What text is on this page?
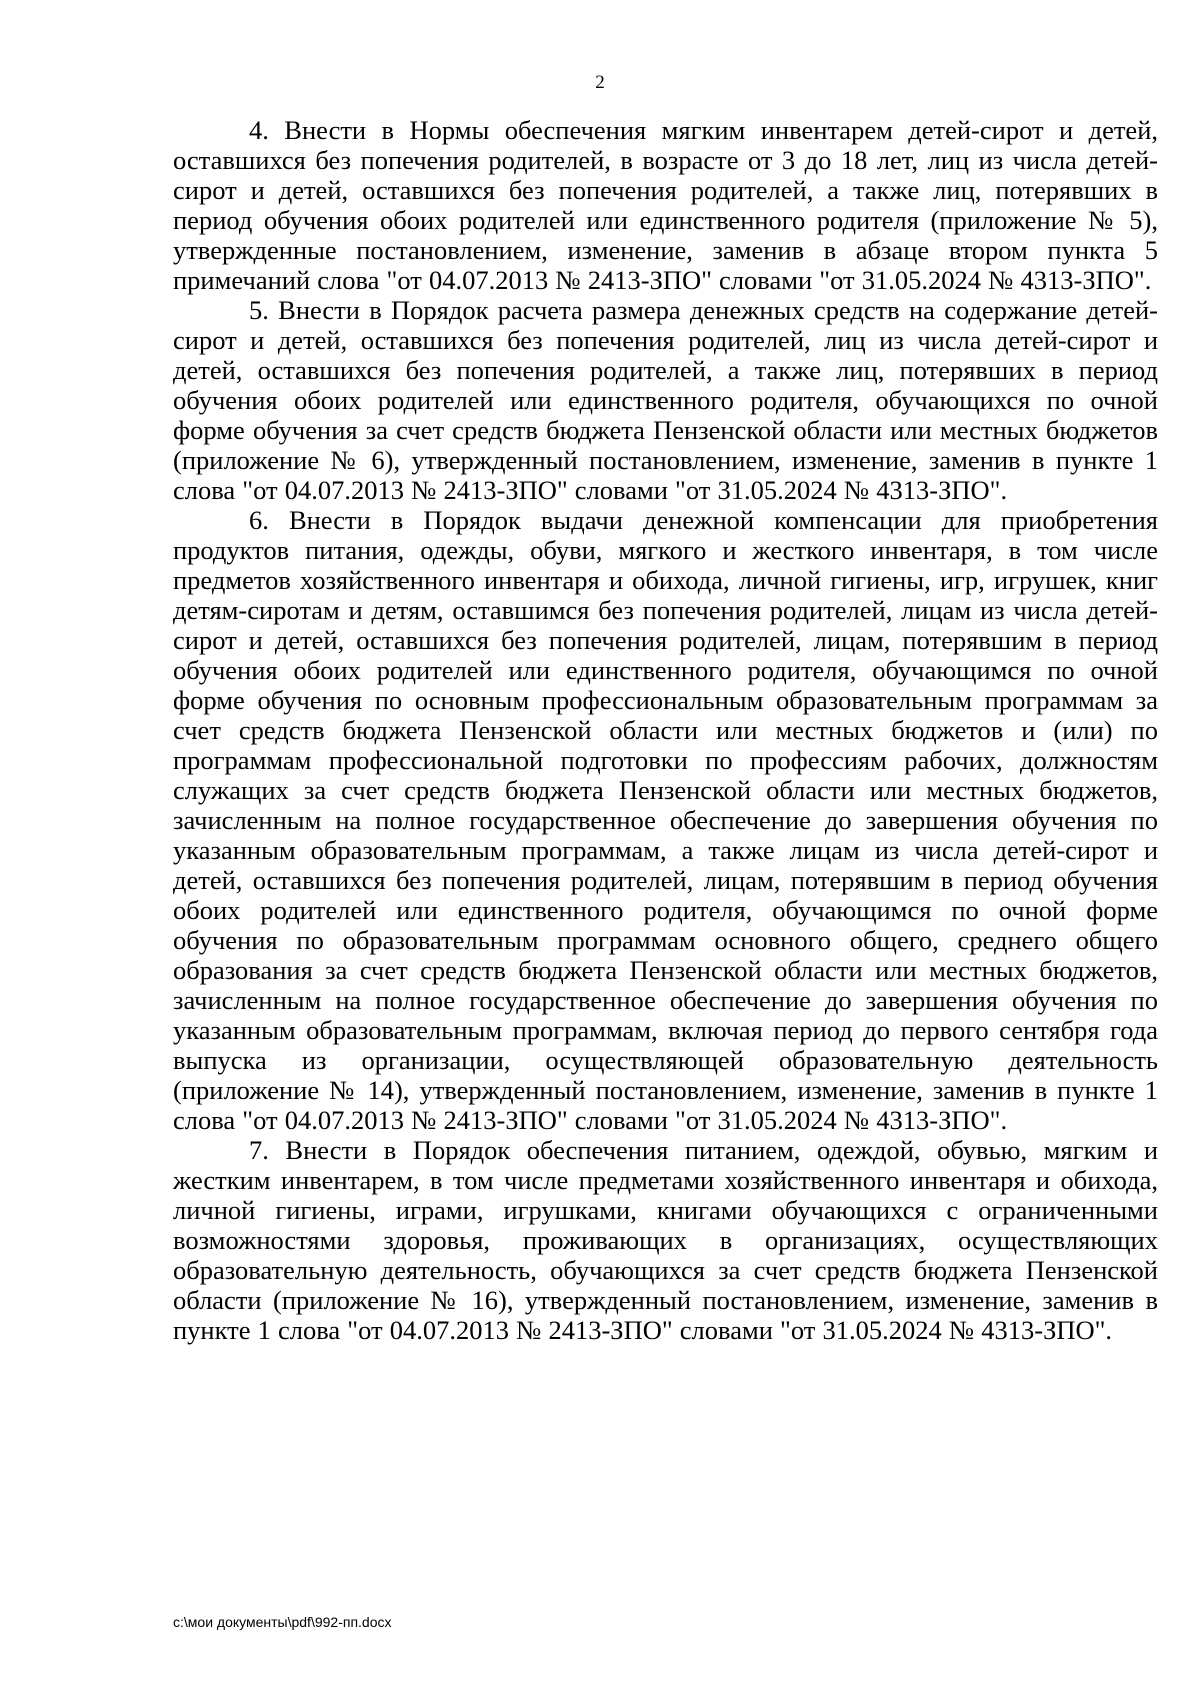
2

4. Внести в Нормы обеспечения мягким инвентарем детей-сирот и детей, оставшихся без попечения родителей, в возрасте от 3 до 18 лет, лиц из числа детей-сирот и детей, оставшихся без попечения родителей, а также лиц, потерявших в период обучения обоих родителей или единственного родителя (приложение № 5), утвержденные постановлением, изменение, заменив в абзаце втором пункта 5 примечаний слова "от 04.07.2013 № 2413-ЗПО" словами "от 31.05.2024 № 4313-ЗПО".

5. Внести в Порядок расчета размера денежных средств на содержание детей-сирот и детей, оставшихся без попечения родителей, лиц из числа детей-сирот и детей, оставшихся без попечения родителей, а также лиц, потерявших в период обучения обоих родителей или единственного родителя, обучающихся по очной форме обучения за счет средств бюджета Пензенской области или местных бюджетов (приложение № 6), утвержденный постановлением, изменение, заменив в пункте 1 слова "от 04.07.2013 № 2413-ЗПО" словами "от 31.05.2024 № 4313-ЗПО".

6. Внести в Порядок выдачи денежной компенсации для приобретения продуктов питания, одежды, обуви, мягкого и жесткого инвентаря, в том числе предметов хозяйственного инвентаря и обихода, личной гигиены, игр, игрушек, книг детям-сиротам и детям, оставшимся без попечения родителей, лицам из числа детей-сирот и детей, оставшихся без попечения родителей, лицам, потерявшим в период обучения обоих родителей или единственного родителя, обучающимся по очной форме обучения по основным профессиональным образовательным программам за счет средств бюджета Пензенской области или местных бюджетов и (или) по программам профессиональной подготовки по профессиям рабочих, должностям служащих за счет средств бюджета Пензенской области или местных бюджетов, зачисленным на полное государственное обеспечение до завершения обучения по указанным образовательным программам, а также лицам из числа детей-сирот и детей, оставшихся без попечения родителей, лицам, потерявшим в период обучения обоих родителей или единственного родителя, обучающимся по очной форме обучения по образовательным программам основного общего, среднего общего образования за счет средств бюджета Пензенской области или местных бюджетов, зачисленным на полное государственное обеспечение до завершения обучения по указанным образовательным программам, включая период до первого сентября года выпуска из организации, осуществляющей образовательную деятельность (приложение № 14), утвержденный постановлением, изменение, заменив в пункте 1 слова "от 04.07.2013 № 2413-ЗПО" словами "от 31.05.2024 № 4313-ЗПО".

7. Внести в Порядок обеспечения питанием, одеждой, обувью, мягким и жестким инвентарем, в том числе предметами хозяйственного инвентаря и обихода, личной гигиены, играми, игрушками, книгами обучающихся с ограниченными возможностями здоровья, проживающих в организациях, осуществляющих образовательную деятельность, обучающихся за счет средств бюджета Пензенской области (приложение № 16), утвержденный постановлением, изменение, заменив в пункте 1 слова "от 04.07.2013 № 2413-ЗПО" словами "от 31.05.2024 № 4313-ЗПО".

c:\мои документы\pdf\992-пп.docx
